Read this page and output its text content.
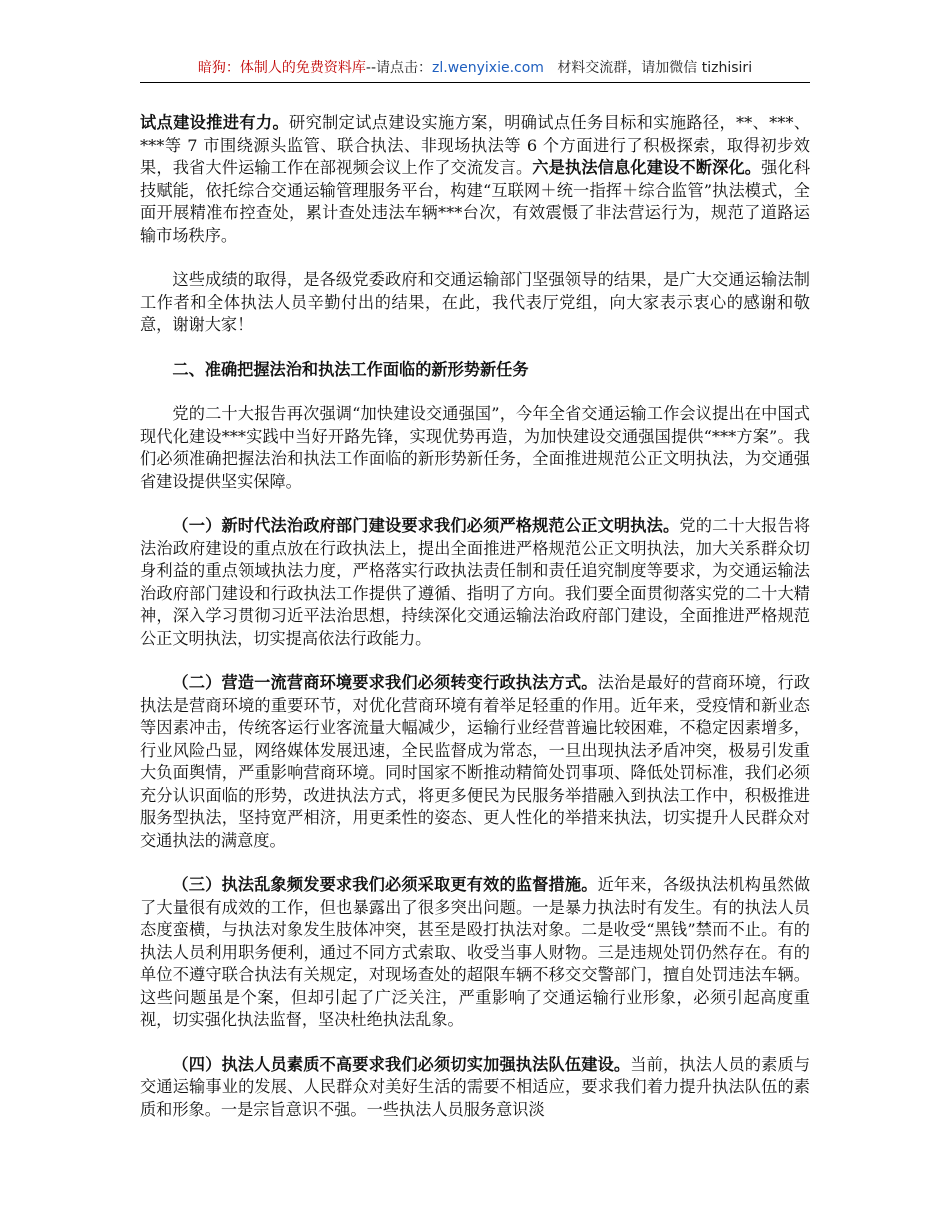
暗狗：体制人的免费资料库--请点击：zl.wenyixie.com 材料交流群，请加微信 tizhisiri

试点建设推进有力。研究制定试点建设实施方案，明确试点任务目标和实施路径，**、***、***等 7 市围绕源头监管、联合执法、非现场执法等 6 个方面进行了积极探索，取得初步效果，我省大件运输工作在部视频会议上作了交流发言。六是执法信息化建设不断深化。强化科技赋能，依托综合交通运输管理服务平台，构建“互联网＋统一指挥＋综合监管”执法模式，全面开展精准布控查处，累计查处违法车辆***台次，有效震慑了非法营运行为，规范了道路运输市场秩序。

这些成绩的取得，是各级党委政府和交通运输部门坚强领导的结果，是广大交通运输法制工作者和全体执法人员辛勤付出的结果，在此，我代表厅党组，向大家表示衷心的感谢和敬意，谢谢大家！

二、准确把握法治和执法工作面临的新形势新任务

党的二十大报告再次强调“加快建设交通强国”，今年全省交通运输工作会议提出在中国式现代化建设***实践中当好开路先锋，实现优势再造，为加快建设交通强国提供“***方案”。我们必须准确把握法治和执法工作面临的新形势新任务，全面推进规范公正文明执法，为交通强省建设提供坚实保障。

（一）新时代法治政府部门建设要求我们必须严格规范公正文明执法。党的二十大报告将法治政府建设的重点放在行政执法上，提出全面推进严格规范公正文明执法，加大关系群众切身利益的重点领域执法力度，严格落实行政执法责任制和责任追究制度等要求，为交通运输法治政府部门建设和行政执法工作提供了遵循、指明了方向。我们要全面贯彻落实党的二十大精神，深入学习贯彻习近平法治思想，持续深化交通运输法治政府部门建设，全面推进严格规范公正文明执法，切实提高依法行政能力。

（二）营造一流营商环境要求我们必须转变行政执法方式。法治是最好的营商环境，行政执法是营商环境的重要环节，对优化营商环境有着举足轻重的作用。近年来，受疫情和新业态等因素冲击，传统客运行业客流量大幅减少，运输行业经营普遍比较困难，不稳定因素增多，行业风险凸显，网络媒体发展迅速，全民监督成为常态，一旦出现执法矛盾冲突，极易引发重大负面舆情，严重影响营商环境。同时国家不断推动精简处罚事项、降低处罚标准，我们必须充分认识面临的形势，改进执法方式，将更多便民为民服务举措融入到执法工作中，积极推进服务型执法，坚持宽严相济，用更柔性的姿态、更人性化的举措来执法，切实提升人民群众对交通执法的满意度。

（三）执法乱象频发要求我们必须采取更有效的监督措施。近年来，各级执法机构虽然做了大量很有成效的工作，但也暴露出了很多突出问题。一是暴力执法时有发生。有的执法人员态度蛮横，与执法对象发生肢体冲突，甚至是殴打执法对象。二是收受“黑钱”禁而不止。有的执法人员利用职务便利，通过不同方式索取、收受当事人财物。三是违规处罚仍然存在。有的单位不遵守联合执法有关规定，对现场查处的超限车辆不移交交警部门，擅自处罚违法车辆。这些问题虽是个案，但却引起了广泛关注，严重影响了交通运输行业形象，必须引起高度重视，切实强化执法监督，坚决杜绝执法乱象。

（四）执法人员素质不高要求我们必须切实加强执法队伍建设。当前，执法人员的素质与交通运输事业的发展、人民群众对美好生活的需要不相适应，要求我们着力提升执法队伍的素质和形象。一是宗旨意识不强。一些执法人员服务意识淡
